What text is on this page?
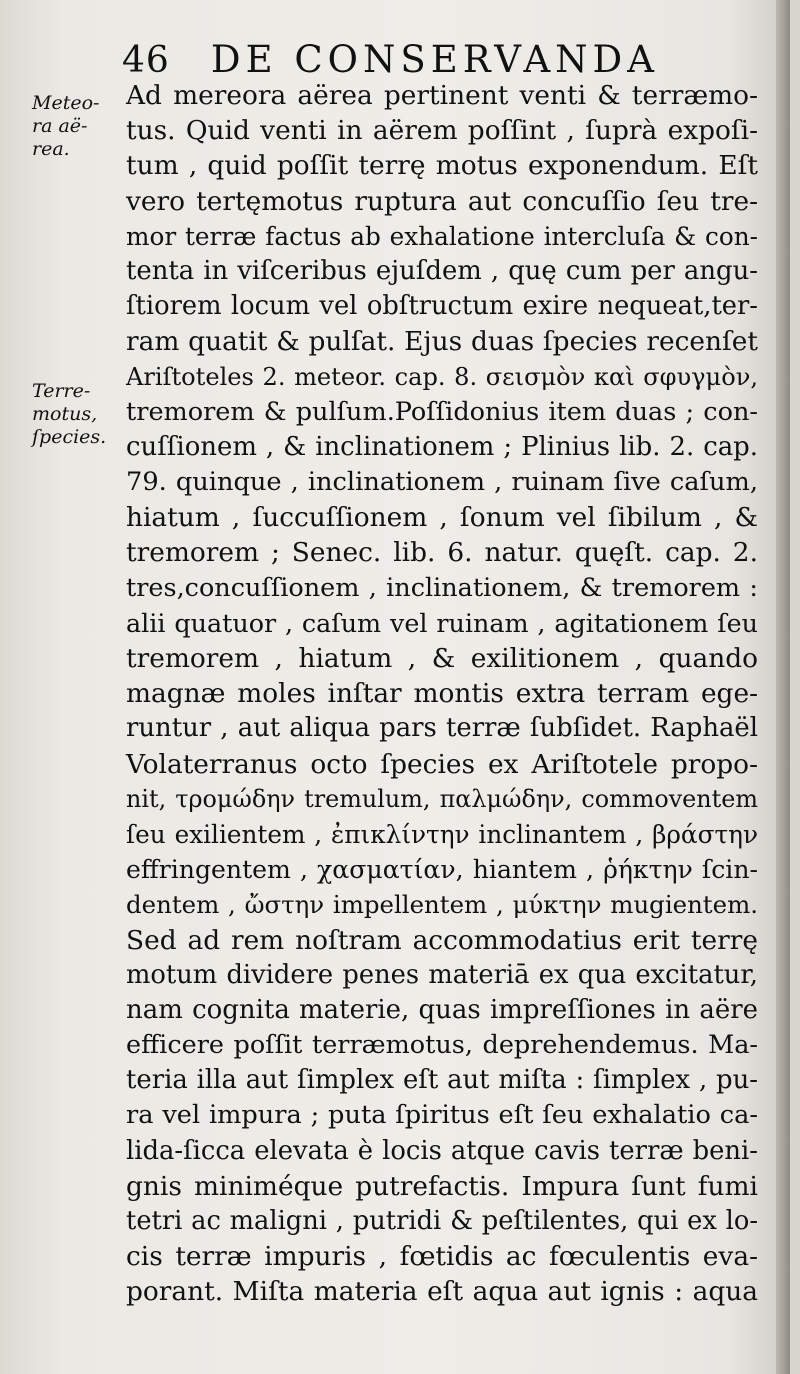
46 DE CONSERVANDA
Meteo-
ra aë-
rea.
Terre-
motus,
ſpecies.
Ad mereora aërea pertinent venti & terræmo-
tus. Quid venti in aërem poſſint , ſuprà expoſi-
tum , quid poſſit terrę motus exponendum. Eſt
vero tertęmotus ruptura aut concuſſio ſeu tre-
mor terræ factus ab exhalatione intercluſa & con-
tenta in viſceribus ejuſdem , quę cum per angu-
ſtiorem locum vel obſtructum exire nequeat,ter-
ram quatit & pulſat. Ejus duas ſpecies recenſet
Ariſtoteles 2. meteor. cap. 8. σεισμὸν καὶ σφυγμὸν,
tremorem & pulſum.Poſſidonius item duas ; con-
cuſſionem , & inclinationem ; Plinius lib. 2. cap.
79. quinque , inclinationem , ruinam ſive caſum,
hiatum , ſuccuſſionem , ſonum vel ſibilum , &
tremorem ; Senec. lib. 6. natur. quęſt. cap. 2.
tres,concuſſionem , inclinationem, & tremorem :
alii quatuor , caſum vel ruinam , agitationem ſeu
tremorem , hiatum , & exilitionem , quando
magnæ moles inſtar montis extra terram ege-
runtur , aut aliqua pars terræ ſubſidet. Raphaël
Volaterranus octo ſpecies ex Ariſtotele propo-
nit, τρομώδην tremulum, παλμώδην, commoventem
ſeu exilientem , ἐπικλίντην inclinantem , βράστην
effringentem , χασματίαν, hiantem , ῥήκτην ſcin-
dentem , ὤστην impellentem , μύκτην mugientem.
Sed ad rem noſtram accommodatius erit terrę
motum dividere penes materiā ex qua excitatur,
nam cognita materie, quas impreſſiones in aëre
efficere poſſit terræmotus, deprehendemus. Ma-
teria illa aut ſimplex eſt aut miſta : ſimplex , pu-
ra vel impura ; puta ſpiritus eſt ſeu exhalatio ca-
lida-ſicca elevata è locis atque cavis terræ beni-
gnis miniméque putrefactis. Impura ſunt fumi
tetri ac maligni , putridi & peſtilentes, qui ex lo-
cis terræ impuris , fœtidis ac fœculentis eva-
porant. Miſta materia eſt aqua aut ignis : aqua
